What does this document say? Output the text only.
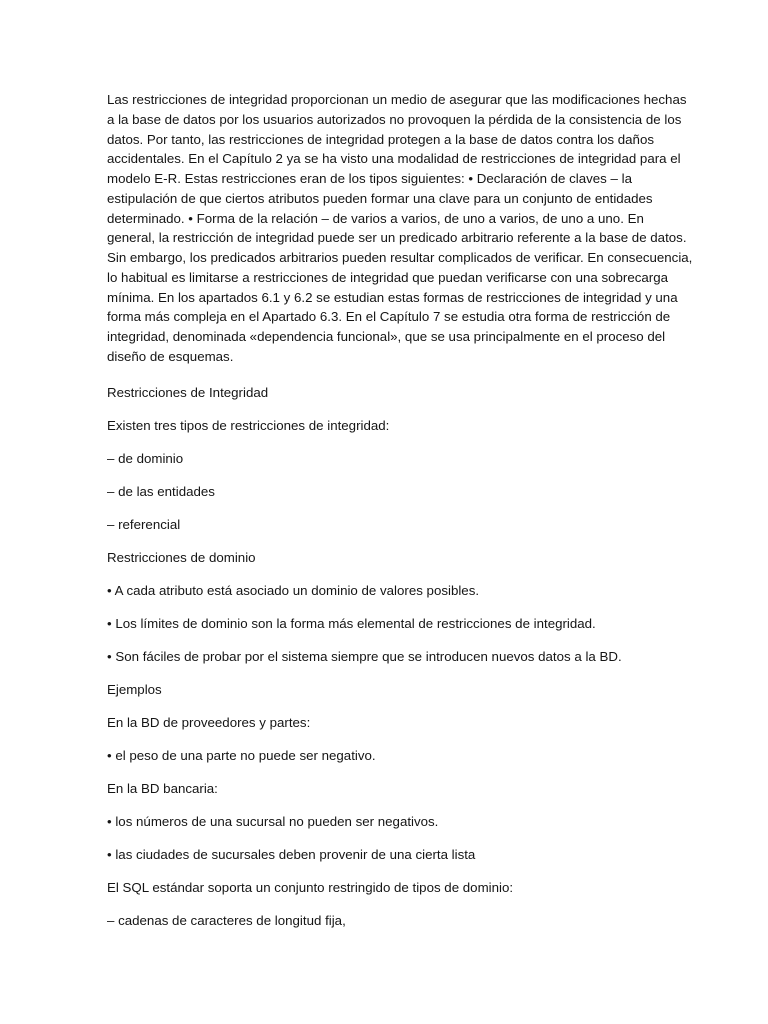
Las restricciones de integridad proporcionan un medio de asegurar que las modificaciones hechas
a la base de datos por los usuarios autorizados no provoquen la pérdida de la consistencia de los
datos. Por tanto, las restricciones de integridad protegen a la base de datos contra los daños
accidentales. En el Capítulo 2 ya se ha visto una modalidad de restricciones de integridad para el
modelo E-R. Estas restricciones eran de los tipos siguientes: • Declaración de claves – la
estipulación de que ciertos atributos pueden formar una clave para un conjunto de entidades
determinado. • Forma de la relación – de varios a varios, de uno a varios, de uno a uno. En
general, la restricción de integridad puede ser un predicado arbitrario referente a la base de datos.
Sin embargo, los predicados arbitrarios pueden resultar complicados de verificar. En consecuencia,
lo habitual es limitarse a restricciones de integridad que puedan verificarse con una sobrecarga
mínima. En los apartados 6.1 y 6.2 se estudian estas formas de restricciones de integridad y una
forma más compleja en el Apartado 6.3. En el Capítulo 7 se estudia otra forma de restricción de
integridad, denominada «dependencia funcional», que se usa principalmente en el proceso del
diseño de esquemas.
Restricciones de Integridad
Existen tres tipos de restricciones de integridad:
– de dominio
– de las entidades
– referencial
Restricciones de dominio
• A cada atributo está asociado un dominio de valores posibles.
• Los límites de dominio son la forma más elemental de restricciones de integridad.
• Son fáciles de probar por el sistema siempre que se introducen nuevos datos a la BD.
Ejemplos
En la BD de proveedores y partes:
• el peso de una parte no puede ser negativo.
En la BD bancaria:
• los números de una sucursal no pueden ser negativos.
• las ciudades de sucursales deben provenir de una cierta lista
El SQL estándar soporta un conjunto restringido de tipos de dominio:
– cadenas de caracteres de longitud fija,
